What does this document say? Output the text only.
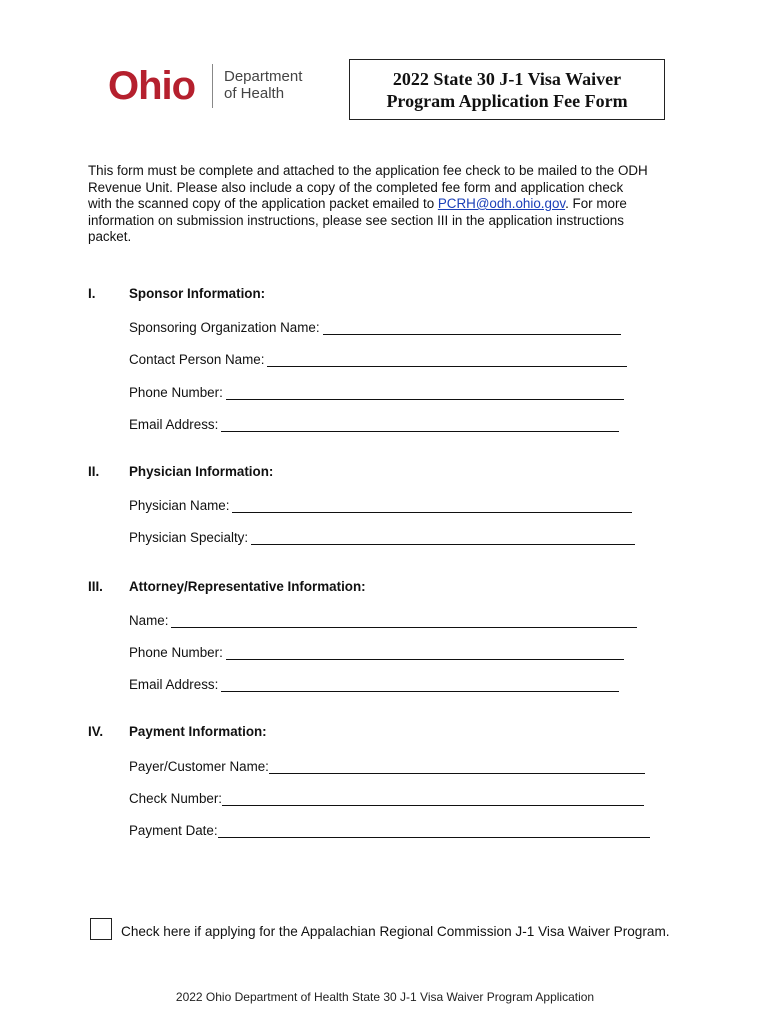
Ohio Department
of Health
2022 State 30 J-1 Visa Waiver
Program Application Fee Form
This form must be complete and attached to the application fee check to be mailed to the ODH Revenue Unit. Please also include a copy of the completed fee form and application check with the scanned copy of the application packet emailed to PCRH@odh.ohio.gov. For more information on submission instructions, please see section III in the application instructions packet.
I.	Sponsor Information:
Sponsoring Organization Name:
Contact Person Name:
Phone Number:
Email Address:
II. Physician Information:
Physician Name:
Physician Specialty:
III. Attorney/Representative Information:
Name:
Phone Number:
Email Address:
IV. Payment Information:
Payer/Customer Name:
Check Number:
Payment Date:
Check here if applying for the Appalachian Regional Commission J-1 Visa Waiver Program.
2022 Ohio Department of Health State 30 J-1 Visa Waiver Program Application
